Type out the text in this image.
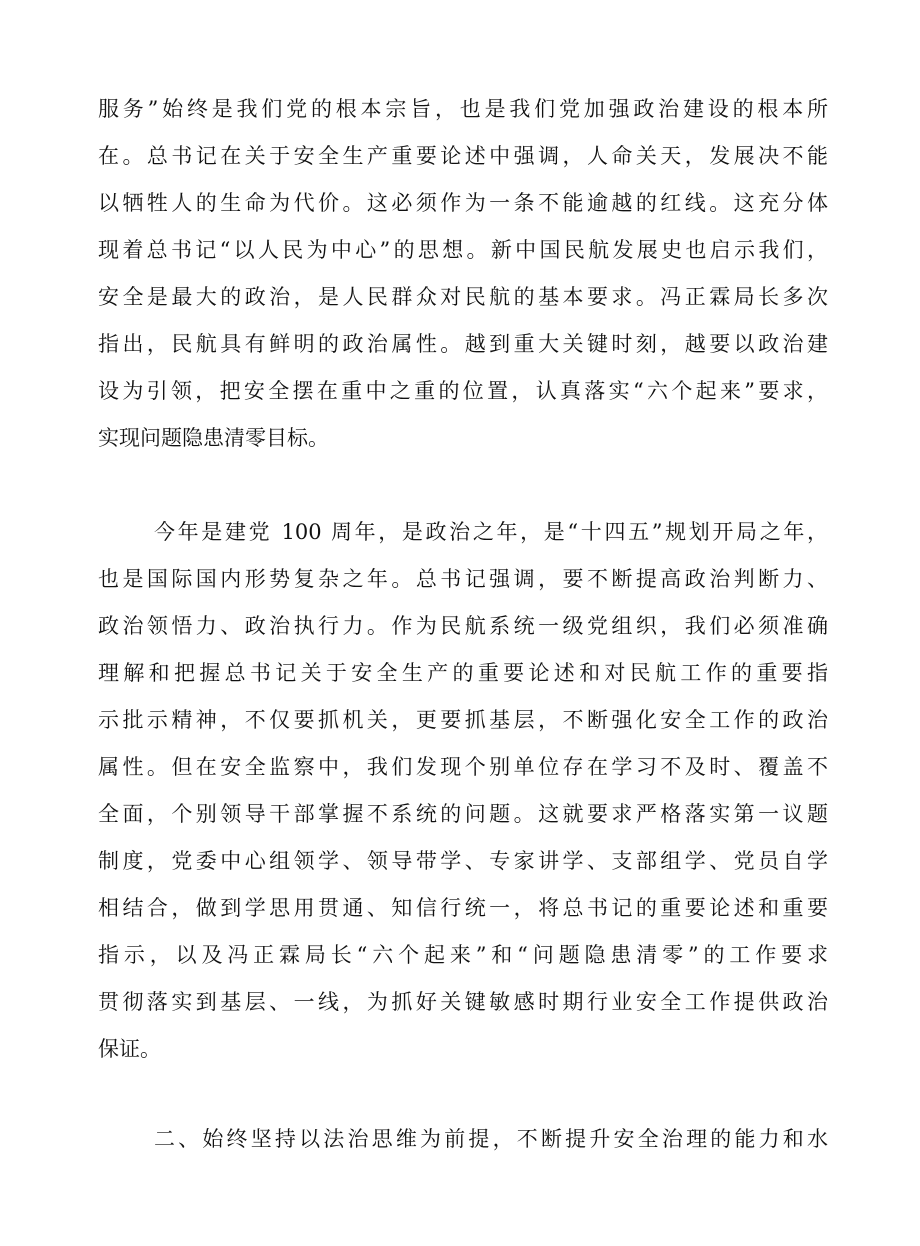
服务”始终是我们党的根本宗旨，也是我们党加强政治建设的根本所
在。总书记在关于安全生产重要论述中强调，人命关天，发展决不能
以牺牲人的生命为代价。这必须作为一条不能逾越的红线。这充分体
现着总书记“以人民为中心”的思想。新中国民航发展史也启示我们，
安全是最大的政治，是人民群众对民航的基本要求。冯正霖局长多次
指出，民航具有鲜明的政治属性。越到重大关键时刻，越要以政治建
设为引领，把安全摆在重中之重的位置，认真落实“六个起来”要求，
实现问题隐患清零目标。
今年是建党 100 周年，是政治之年，是“十四五”规划开局之年，
也是国际国内形势复杂之年。总书记强调，要不断提高政治判断力、
政治领悟力、政治执行力。作为民航系统一级党组织，我们必须准确
理解和把握总书记关于安全生产的重要论述和对民航工作的重要指
示批示精神，不仅要抓机关，更要抓基层，不断强化安全工作的政治
属性。但在安全监察中，我们发现个别单位存在学习不及时、覆盖不
全面，个别领导干部掌握不系统的问题。这就要求严格落实第一议题
制度，党委中心组领学、领导带学、专家讲学、支部组学、党员自学
相结合，做到学思用贯通、知信行统一，将总书记的重要论述和重要
指示，以及冯正霖局长“六个起来”和“问题隐患清零”的工作要求
贯彻落实到基层、一线，为抓好关键敏感时期行业安全工作提供政治
保证。
二、始终坚持以法治思维为前提，不断提升安全治理的能力和水
